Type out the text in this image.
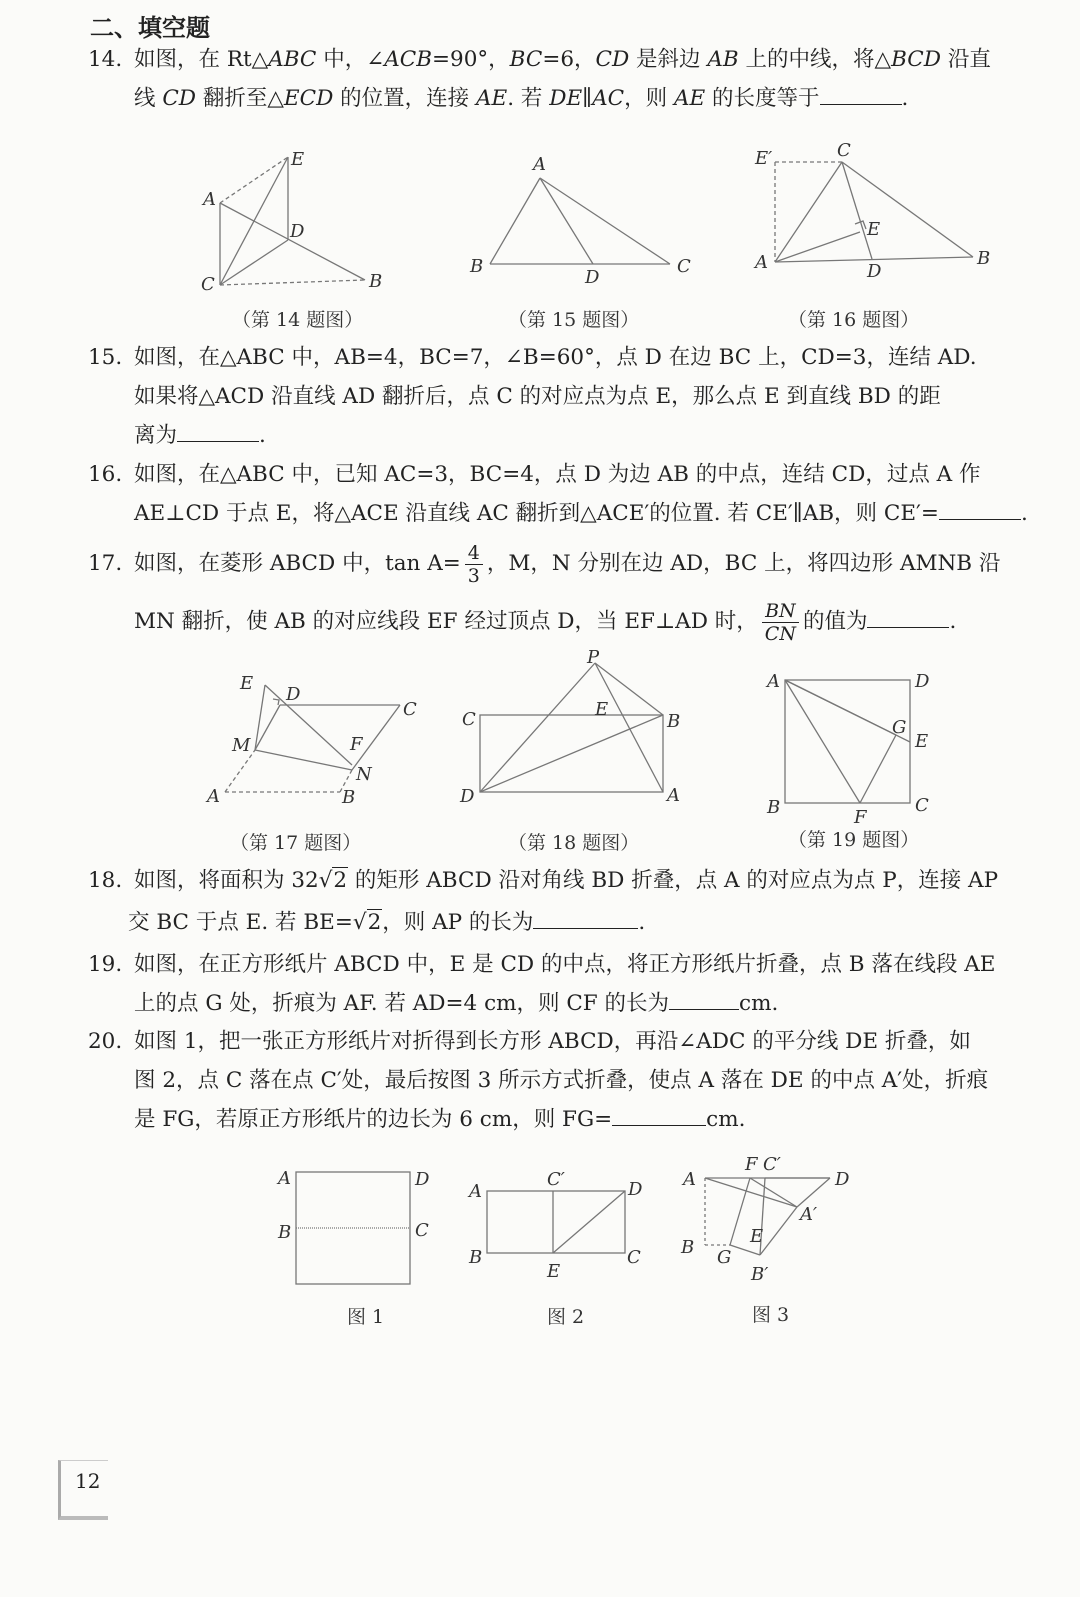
二、填空题
14. 如图，在 Rt△ABC 中，∠ACB=90°，BC=6，CD 是斜边 AB 上的中线，将△BCD 沿直
线 CD 翻折至△ECD 的位置，连接 AE. 若 DE∥AC，则 AE 的长度等于	.
E
A
D
C	B
（第 14 题图）
A
B
D
C
（第 15 题图）
E′	C
E
A	D
B
（第 16 题图）
15. 如图，在△ABC 中，AB=4，BC=7，∠B=60°，点 D 在边 BC 上，CD=3，连结 AD.
如果将△ACD 沿直线 AD 翻折后，点 C 的对应点为点 E，那么点 E 到直线 BD 的距
离为	.
16. 如图，在△ABC 中，已知 AC=3，BC=4，点 D 为边 AB 的中点，连结 CD，过点 A 作
AE⊥CD 于点 E，将△ACE 沿直线 AC 翻折到△ACE′的位置. 若 CE′∥AB，则 CE′=	.
17. 如图，在菱形 ABCD 中，$\tan A= \frac{4}{3}$ ，M，N 分别在边 AD，BC 上，将四边形 AMNB 沿
MN 翻折，使 AB 的对应线段 EF 经过顶点 D，当 EF⊥AD 时， $\frac{BN}{CN}$ 的值为	.
E
D
C
M	F
N
A	B
（第 17 题图）
P
C	E
B
D	A
（第 18 题图）
A	D
G
E
B	C
F
（第 19 题图）
18. 如图，将面积为 32√2 的矩形 ABCD 沿对角线 BD 折叠，点 A 的对应点为点 P，连接 AP
交 BC 于点 E. 若 BE=√2，则 AP 的长为	.
19. 如图，在正方形纸片 ABCD 中，E 是 CD 的中点，将正方形纸片折叠，点 B 落在线段 AE
上的点 G 处，折痕为 AF. 若 AD=4 cm，则 CF 的长为	cm.
20. 如图 1，把一张正方形纸片对折得到长方形 ABCD，再沿∠ADC 的平分线 DE 折叠，如
图 2，点 C 落在点 C′处，最后按图 3 所示方式折叠，使点 A 落在 DE 的中点 A′处，折痕
是 FG，若原正方形纸片的边长为 6 cm，则 FG=	cm.
A	D
B	C
图 1
A
C′	D
B
E
C
图 2
A
F C′
D
A′
E
B G
B′
图 3
12
